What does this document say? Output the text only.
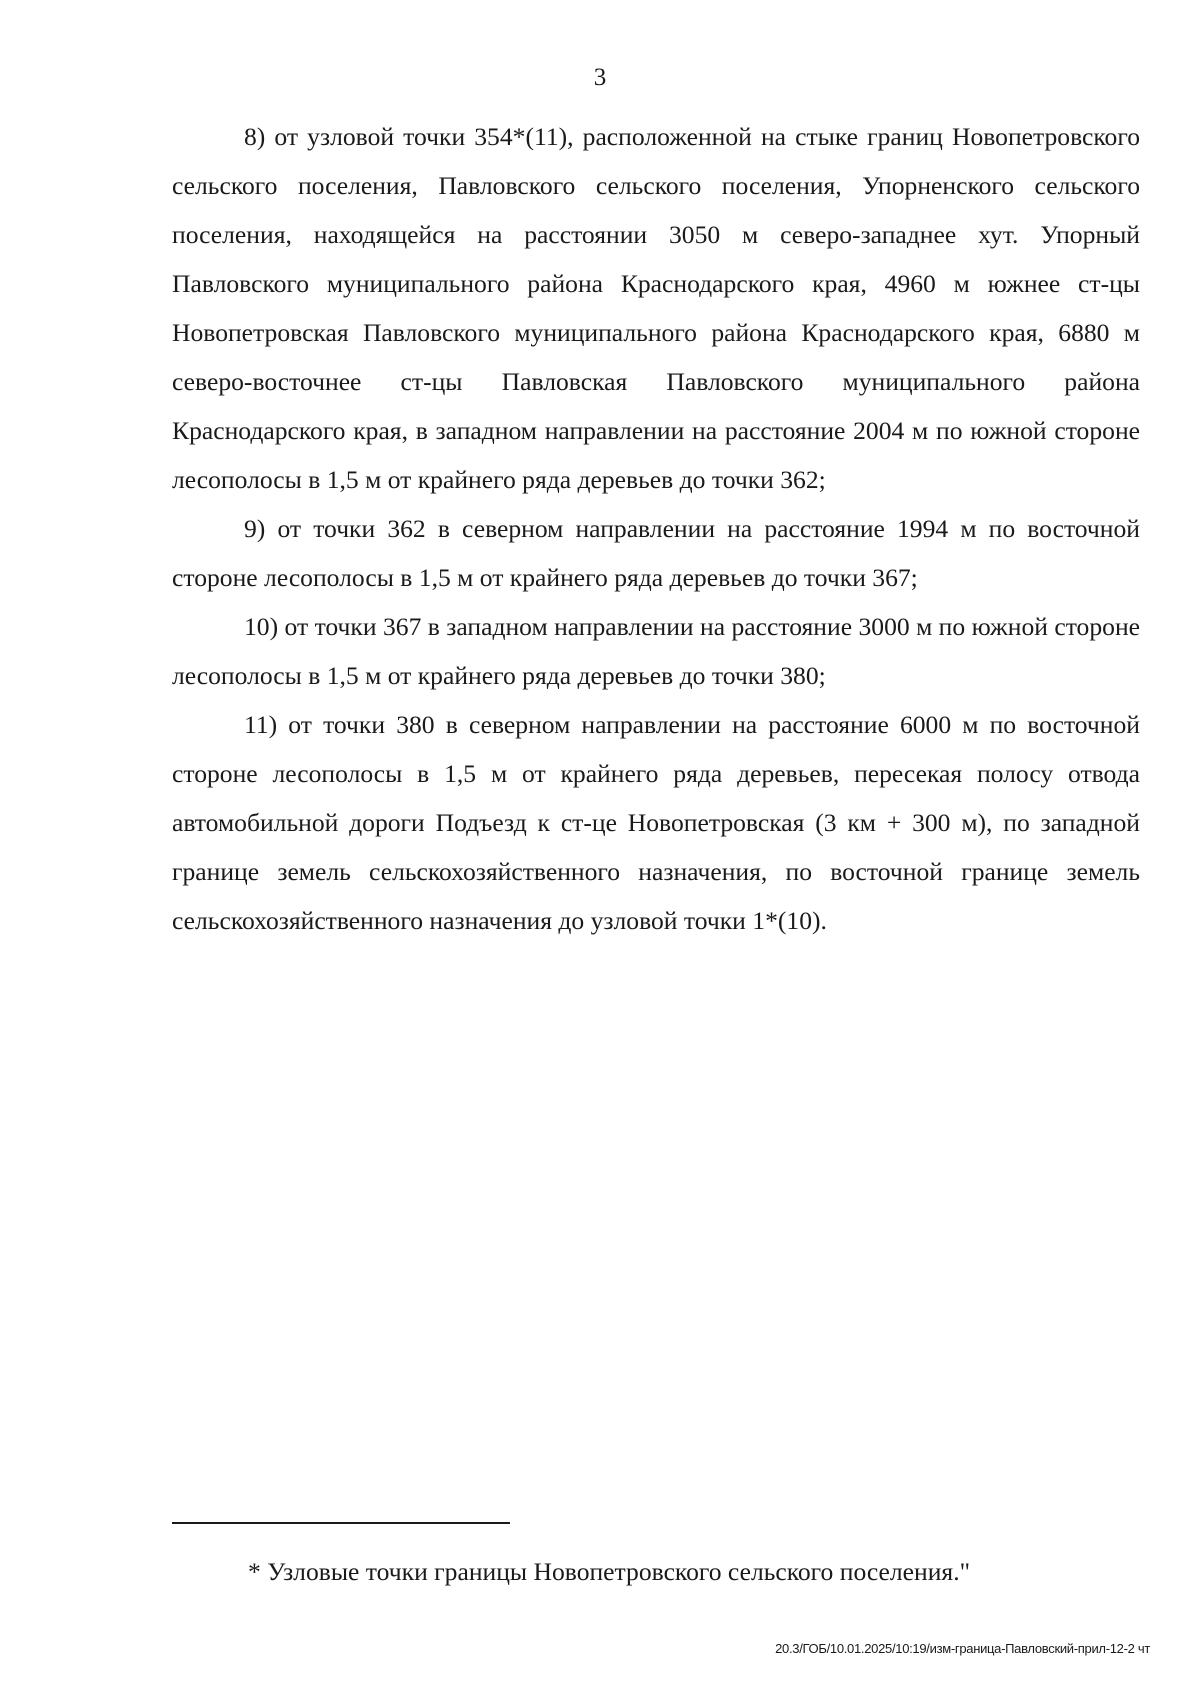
3

8) от узловой точки 354*(11), расположенной на стыке границ Новопетровского сельского поселения, Павловского сельского поселения, Упорненского сельского поселения, находящейся на расстоянии 3050 м северо-западнее хут. Упорный Павловского муниципального района Краснодарского края, 4960 м южнее ст-цы Новопетровская Павловского муниципального района Краснодарского края, 6880 м северо-восточнее ст-цы Павловская Павловского муниципального района Краснодарского края, в западном направлении на расстояние 2004 м по южной стороне лесополосы в 1,5 м от крайнего ряда деревьев до точки 362;

9) от точки 362 в северном направлении на расстояние 1994 м по восточной стороне лесополосы в 1,5 м от крайнего ряда деревьев до точки 367;

10) от точки 367 в западном направлении на расстояние 3000 м по южной стороне лесополосы в 1,5 м от крайнего ряда деревьев до точки 380;

11) от точки 380 в северном направлении на расстояние 6000 м по восточной стороне лесополосы в 1,5 м от крайнего ряда деревьев, пересекая полосу отвода автомобильной дороги Подъезд к ст-це Новопетровская (3 км + 300 м), по западной границе земель сельскохозяйственного назначения, по восточной границе земель сельскохозяйственного назначения до узловой точки 1*(10).

* Узловые точки границы Новопетровского сельского поселения."
20.3/ГОБ/10.01.2025/10:19/изм-граница-Павловский-прил-12-2 чт
